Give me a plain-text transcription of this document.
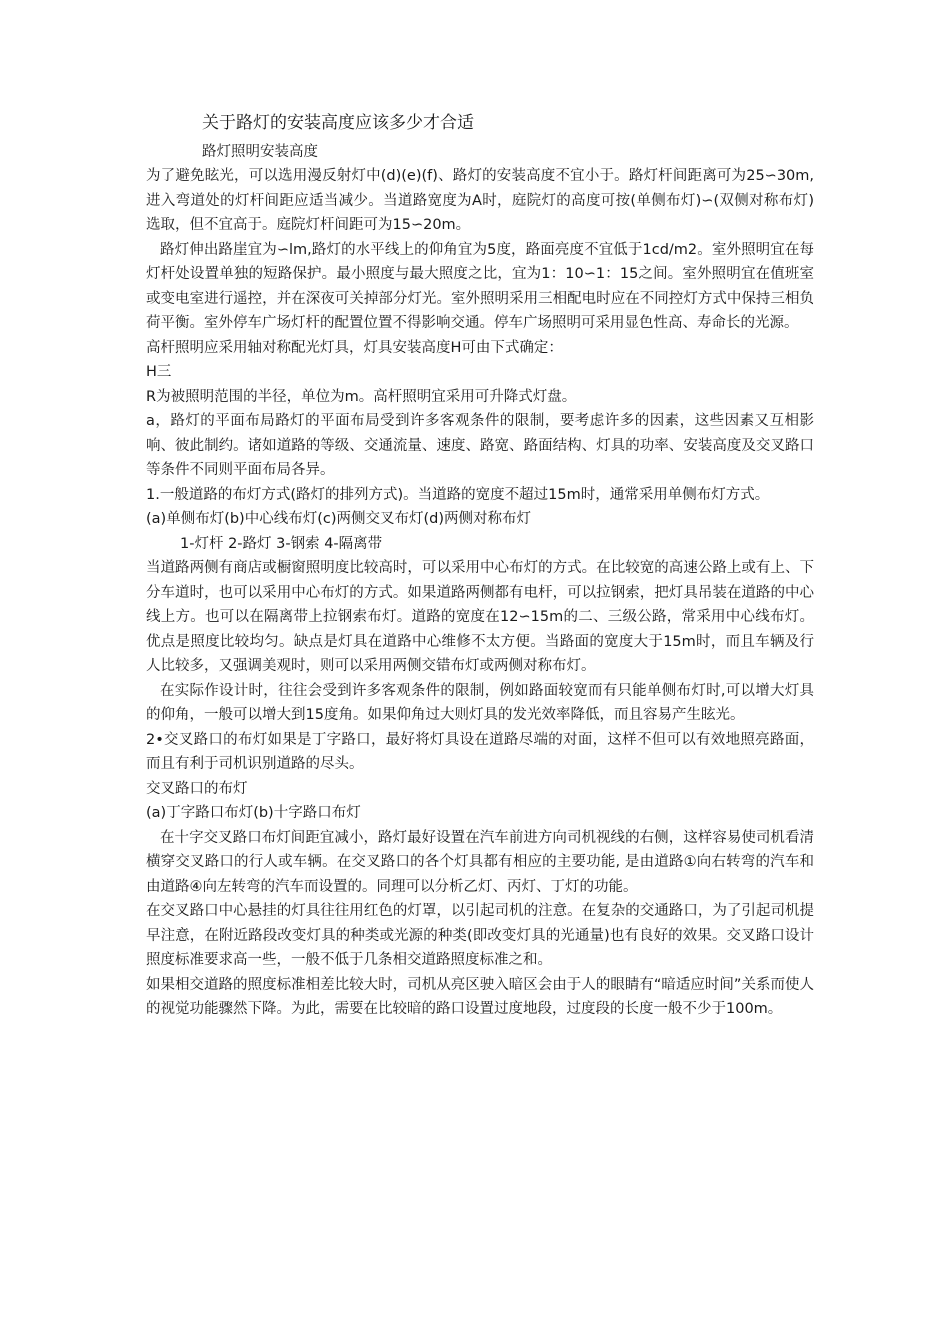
关于路灯的安装高度应该多少才合适
路灯照明安装高度

为了避免眩光，可以选用漫反射灯中(d)(e)(f)、路灯的安装高度不宜小于。路灯杆间距离可为25∽30m,进入弯道处的灯杆间距应适当减少。当道路宽度为A时，庭院灯的高度可按(单侧布灯)∽(双侧对称布灯)选取，但不宜高于。庭院灯杆间距可为15∽20m。

路灯伸出路崖宜为∽lm,路灯的水平线上的仰角宜为5度，路面亮度不宜低于1cd/m2。室外照明宜在每灯杆处设置单独的短路保护。最小照度与最大照度之比，宜为1：10∽1：15之间。室外照明宜在值班室或变电室进行遥控，并在深夜可关掉部分灯光。室外照明采用三相配电时应在不同控灯方式中保持三相负荷平衡。室外停车广场灯杆的配置位置不得影响交通。停车广场照明可采用显色性高、寿命长的光源。

高杆照明应采用轴对称配光灯具，灯具安装高度H可由下式确定：

H三

R为被照明范围的半径，单位为m。高杆照明宜采用可升降式灯盘。

a，路灯的平面布局路灯的平面布局受到许多客观条件的限制，要考虑许多的因素，这些因素又互相影响、彼此制约。诸如道路的等级、交通流量、速度、路宽、路面结构、灯具的功率、安装高度及交叉路口等条件不同则平面布局各异。

1.一般道路的布灯方式(路灯的排列方式)。当道路的宽度不超过15m时，通常采用单侧布灯方式。

(a)单侧布灯(b)中心线布灯(c)两侧交叉布灯(d)两侧对称布灯

1-灯杆 2-路灯 3-钢索 4-隔离带

当道路两侧有商店或橱窗照明度比较高时，可以采用中心布灯的方式。在比较宽的高速公路上或有上、下分车道时，也可以采用中心布灯的方式。如果道路两侧都有电杆，可以拉钢索，把灯具吊装在道路的中心线上方。也可以在隔离带上拉钢索布灯。道路的宽度在12∽15m的二、三级公路，常采用中心线布灯。优点是照度比较均匀。缺点是灯具在道路中心维修不太方便。当路面的宽度大于15m时，而且车辆及行人比较多，又强调美观时，则可以采用两侧交错布灯或两侧对称布灯。

在实际作设计时，往往会受到许多客观条件的限制，例如路面较宽而有只能单侧布灯时,可以增大灯具的仰角，一般可以增大到15度角。如果仰角过大则灯具的发光效率降低，而且容易产生眩光。

2•交叉路口的布灯如果是丁字路口，最好将灯具设在道路尽端的对面，这样不但可以有效地照亮路面，而且有利于司机识别道路的尽头。

交叉路口的布灯

(a)丁字路口布灯(b)十字路口布灯

在十字交叉路口布灯间距宜减小，路灯最好设置在汽车前进方向司机视线的右侧，这样容易使司机看清横穿交叉路口的行人或车辆。在交叉路口的各个灯具都有相应的主要功能, 是由道路①向右转弯的汽车和由道路④向左转弯的汽车而设置的。同理可以分析乙灯、丙灯、丁灯的功能。

在交叉路口中心悬挂的灯具往往用红色的灯罩，以引起司机的注意。在复杂的交通路口，为了引起司机提早注意，在附近路段改变灯具的种类或光源的种类(即改变灯具的光通量)也有良好的效果。交叉路口设计照度标准要求高一些，一般不低于几条相交道路照度标准之和。

如果相交道路的照度标准相差比较大时，司机从亮区驶入暗区会由于人的眼睛有“暗适应时间”关系而使人的视觉功能骤然下降。为此，需要在比较暗的路口设置过度地段，过度段的长度一般不少于100m。
